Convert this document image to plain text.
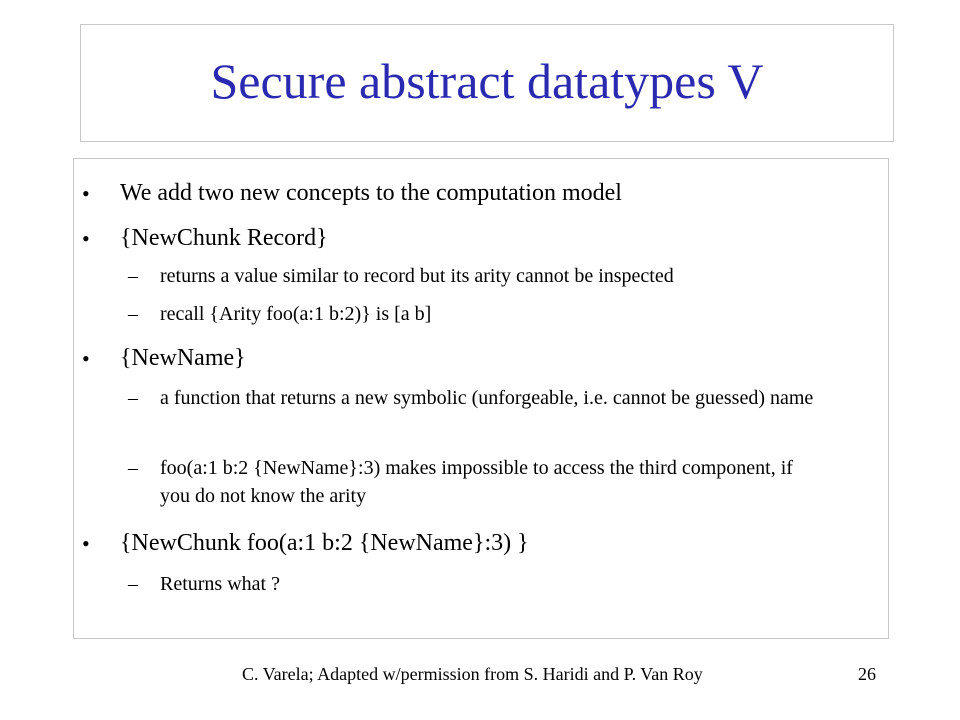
Secure abstract datatypes V
• We add two new concepts to the computation model
• {NewChunk Record}
– returns a value similar to record but its arity cannot be inspected
– recall {Arity foo(a:1 b:2)} is [a b]
• {NewName}
– a function that returns a new symbolic (unforgeable, i.e. cannot be guessed) name
– foo(a:1 b:2 {NewName}:3) makes impossible to access the third component, if you do not know the arity
• {NewChunk foo(a:1 b:2 {NewName}:3) }
– Returns what ?
C. Varela; Adapted w/permission from S. Haridi and P. Van Roy	26
